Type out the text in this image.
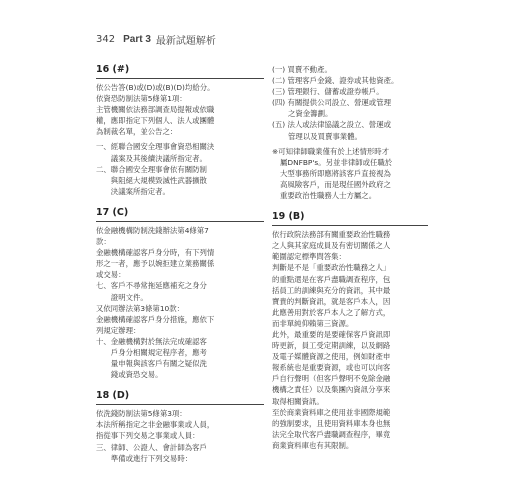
342 Part 3 最新試題解析
16 (#)

依公告答(B)或(D)或(B)(D)均給分。

依資恐防制法第5條第1項：

主管機關依法務部調查局提報或依職

權，應即指定下列個人、法人或團體

為制裁名單，並公告之：

一、 經聯合國安全理事會資恐相關決

議案及其後續決議所指定者。

二、 聯合國安全理事會依有關防制

與阻絕大規模毀滅性武器擴散

決議案所指定者。

17 (C)

依金融機構防制洗錢辦法第4條第7

款：

金融機構確認客戶身分時，有下列情

形之一者，應予以婉拒建立業務關係

或交易：

七、 客戶不尋常拖延應補充之身分

證明文件。

又依同辦法第3條第10款：

金融機構確認客戶身分措施，應依下

列規定辦理：

十、 金融機構對於無法完成確認客

戶身分相關規定程序者，應考

量申報與該客戶有關之疑似洗

錢或資恐交易。

18 (D)

依洗錢防制法第5條第3項：

本法所稱指定之非金融事業或人員，

指從事下列交易之事業或人員：

三、 律師、公證人、會計師為客戶

準備或進行下列交易時：

(一) 買賣不動產。

(二) 管理客戶金錢、證券或其他資產。

(三) 管理銀行、儲蓄或證券帳戶。

(四) 有關提供公司設立、營運或管理

之資金籌劃。

(五) 法人或法律協議之設立、營運或

管理以及買賣事業體。

※可知律師職業僅有於上述情形時才

屬DNFBP's。另並非律師或任職於

大型事務所即應將該客戶直接視為

高風險客戶，而是現任國外政府之

重要政治性職務人士方屬之。

19 (B)

依行政院法務部有關重要政治性職務

之人與其家庭成員及有密切關係之人

範圍認定標準問答集：

判斷是不是「重要政治性職務之人」

的重點還是在客戶盡職調查程序，包

括員工的訓練與充分的資訊，其中最

寶貴的判斷資訊，就是客戶本人，因

此應善用對於客戶本人之了解方式，

而非單純仰賴第三資源。

此外，最重要的是要確保客戶資訊即

時更新，員工受定期訓練，以及網路

及電子媒體資源之使用，例如財產申

報系統也是重要資源，或也可以向客

戶自行聲明（但客戶聲明不免除金融

機構之責任）以及集團內資訊分享來

取得相關資訊。

至於商業資料庫之使用並非國際規範

的強制要求，且使用資料庫本身也無

法完全取代客戶盡職調查程序，畢竟

商業資料庫也有其限制。
